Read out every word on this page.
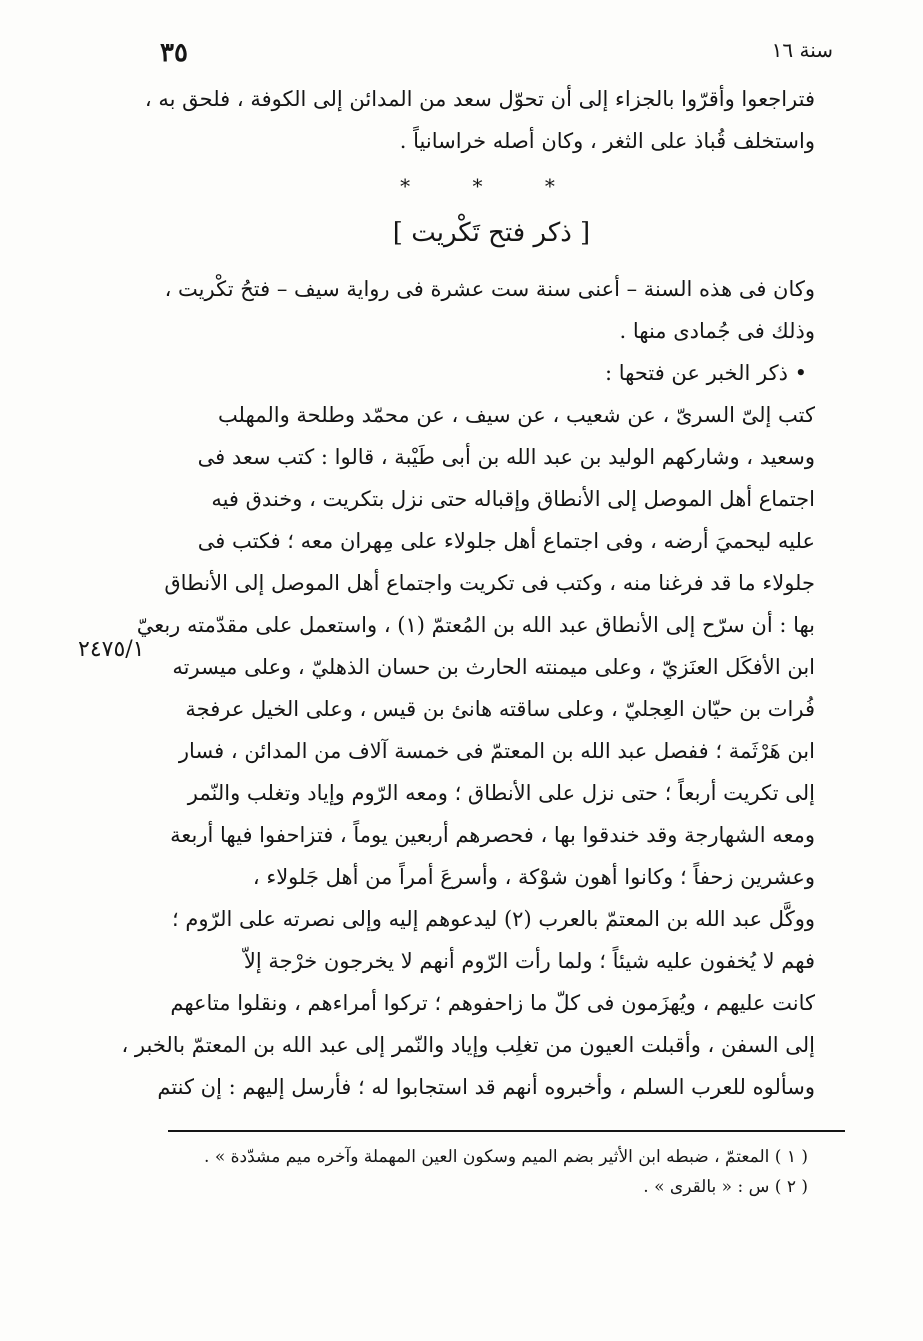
٣٥	سنة ١٦
٢٤٧٥/١
فتراجعوا وأقرّوا بالجزاء إلى أن تحوّل سعد من المدائن إلى الكوفة ، فلحق به ،
واستخلف قُباذ على الثغر ، وكان أصله خراسانياً .
* * *
[ ذكر فتح تَكْريت ]
وكان فى هذه السنة – أعنى سنة ست عشرة فى رواية سيف – فتحُ تكْريت ،
وذلك فى جُمادى منها .
• ذكر الخبر عن فتحها :
كتب إلىّ السرىّ ، عن شعيب ، عن سيف ، عن محمّد وطلحة والمهلب
وسعيد ، وشاركهم الوليد بن عبد الله بن أبى طَيْبة ، قالوا : كتب سعد فى
اجتماع أهل الموصل إلى الأنطاق وإقباله حتى نزل بتكريت ، وخندق فيه
عليه ليحميَ أرضه ، وفى اجتماع أهل جلولاء على مِهران معه ؛ فكتب فى
جلولاء ما قد فرغنا منه ، وكتب فى تكريت واجتماع أهل الموصل إلى الأنطاق
بها : أن سرّح إلى الأنطاق عبد الله بن المُعتمّ (١) ، واستعمل على مقدّمته ربعيّ
ابن الأفكَل العنَزيّ ، وعلى ميمنته الحارث بن حسان الذهليّ ، وعلى ميسرته
فُرات بن حيّان العِجليّ ، وعلى ساقته هانئ بن قيس ، وعلى الخيل عرفجة
ابن هَرْثَمة ؛ ففصل عبد الله بن المعتمّ فى خمسة آلاف من المدائن ، فسار
إلى تكريت أربعاً ؛ حتى نزل على الأنطاق ؛ ومعه الرّوم وإياد وتغلب والنّمر
ومعه الشهارجة وقد خندقوا بها ، فحصرهم أربعين يوماً ، فتزاحفوا فيها أربعة
وعشرين زحفاً ؛ وكانوا أهون شوْكة ، وأسرعَ أمراً من أهل جَلولاء ،
ووكَّل عبد الله بن المعتمّ بالعرب (٢) ليدعوهم إليه وإلى نصرته على الرّوم ؛
فهم لا يُخفون عليه شيئاً ؛ ولما رأت الرّوم أنهم لا يخرجون خرْجة إلاّ
كانت عليهم ، ويُهزَمون فى كلّ ما زاحفوهم ؛ تركوا أمراءهم ، ونقلوا متاعهم
إلى السفن ، وأقبلت العيون من تغلِب وإياد والنّمر إلى عبد الله بن المعتمّ بالخبر ،
وسألوه للعرب السلم ، وأخبروه أنهم قد استجابوا له ؛ فأرسل إليهم : إن كنتم
( ١ ) المعتمّ ، ضبطه ابن الأثير بضم الميم وسكون العين المهملة وآخره ميم مشدّدة » .
( ٢ ) س : « بالقرى » .
